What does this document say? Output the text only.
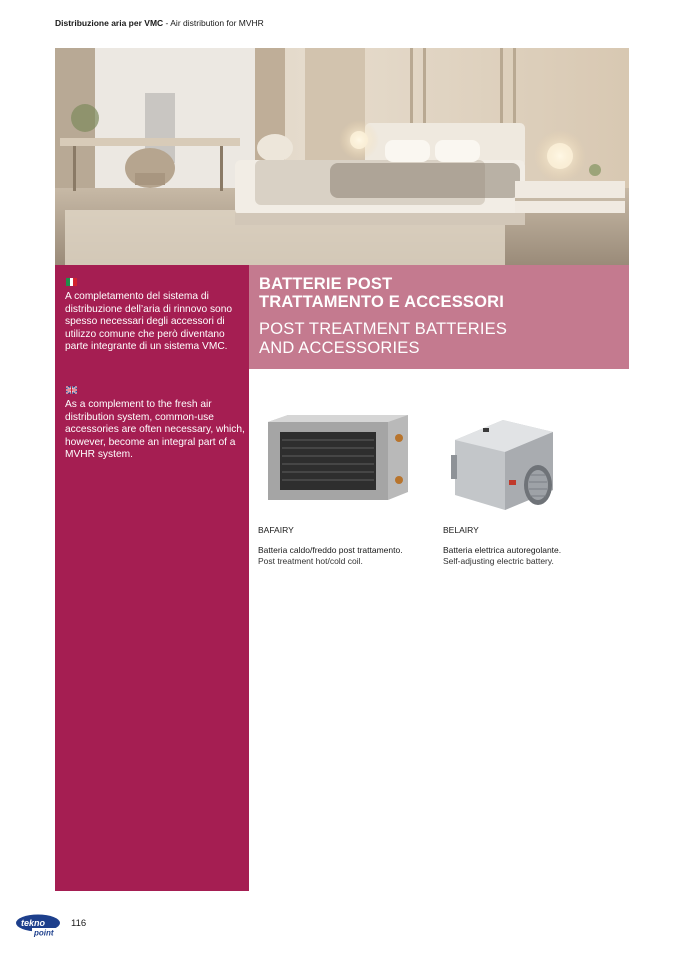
Distribuzione aria per VMC - Air distribution for MVHR
A completamento del sistema di distribuzione dell’aria di rinnovo sono spesso necessari degli accessori di utilizzo comune che però diventano parte integrante di un sistema VMC.
As a complement to the fresh air distribution system, common-use accessories are often necessary, which, however, become an integral part of a MVHR system.
BATTERIE POST
TRATTAMENTO E ACCESSORI
POST TREATMENT BATTERIES
AND ACCESSORIES
BAFAIRY
Batteria caldo/freddo post trattamento.
Post treatment hot/cold coil.
BELAIRY
Batteria elettrica autoregolante.
Self-adjusting electric battery.
tekno
point
116
